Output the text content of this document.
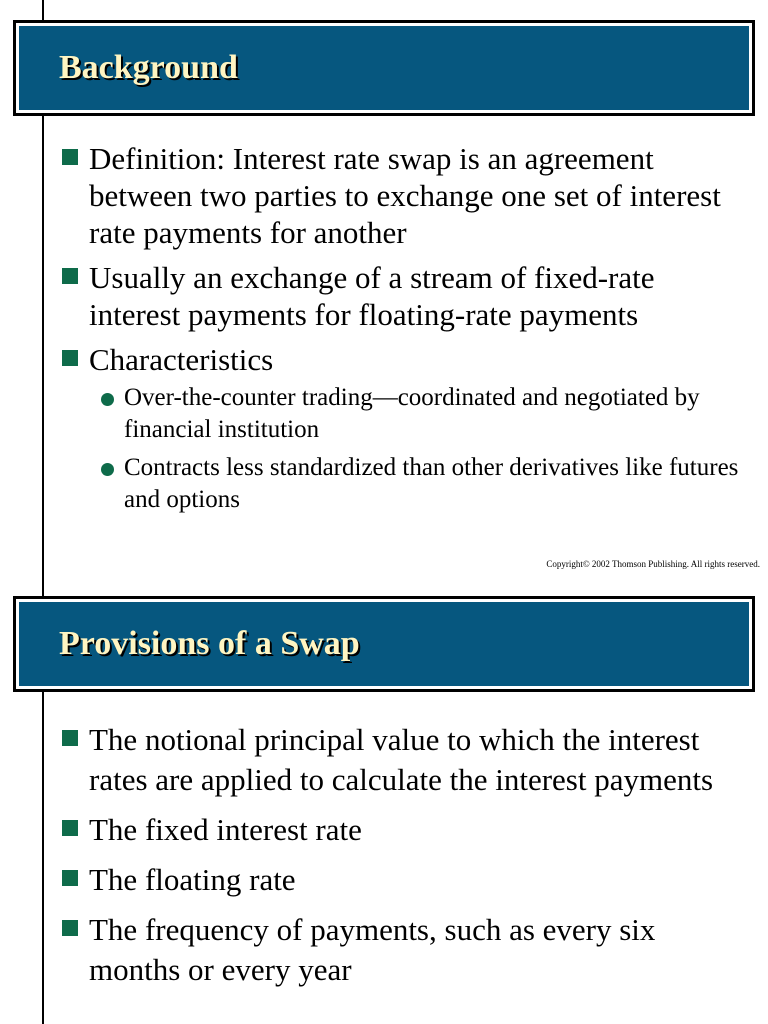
Background
Definition: Interest rate swap is an agreement between two parties to exchange one set of interest rate payments for another
Usually an exchange of a stream of fixed-rate interest payments for floating-rate payments
Characteristics
Over-the-counter trading—coordinated and negotiated by financial institution
Contracts less standardized than other derivatives like futures and options
Copyright© 2002 Thomson Publishing. All rights reserved.
Provisions of a Swap
The notional principal value to which the interest rates are applied to calculate the interest payments
The fixed interest rate
The floating rate
The frequency of payments, such as every six months or every year
